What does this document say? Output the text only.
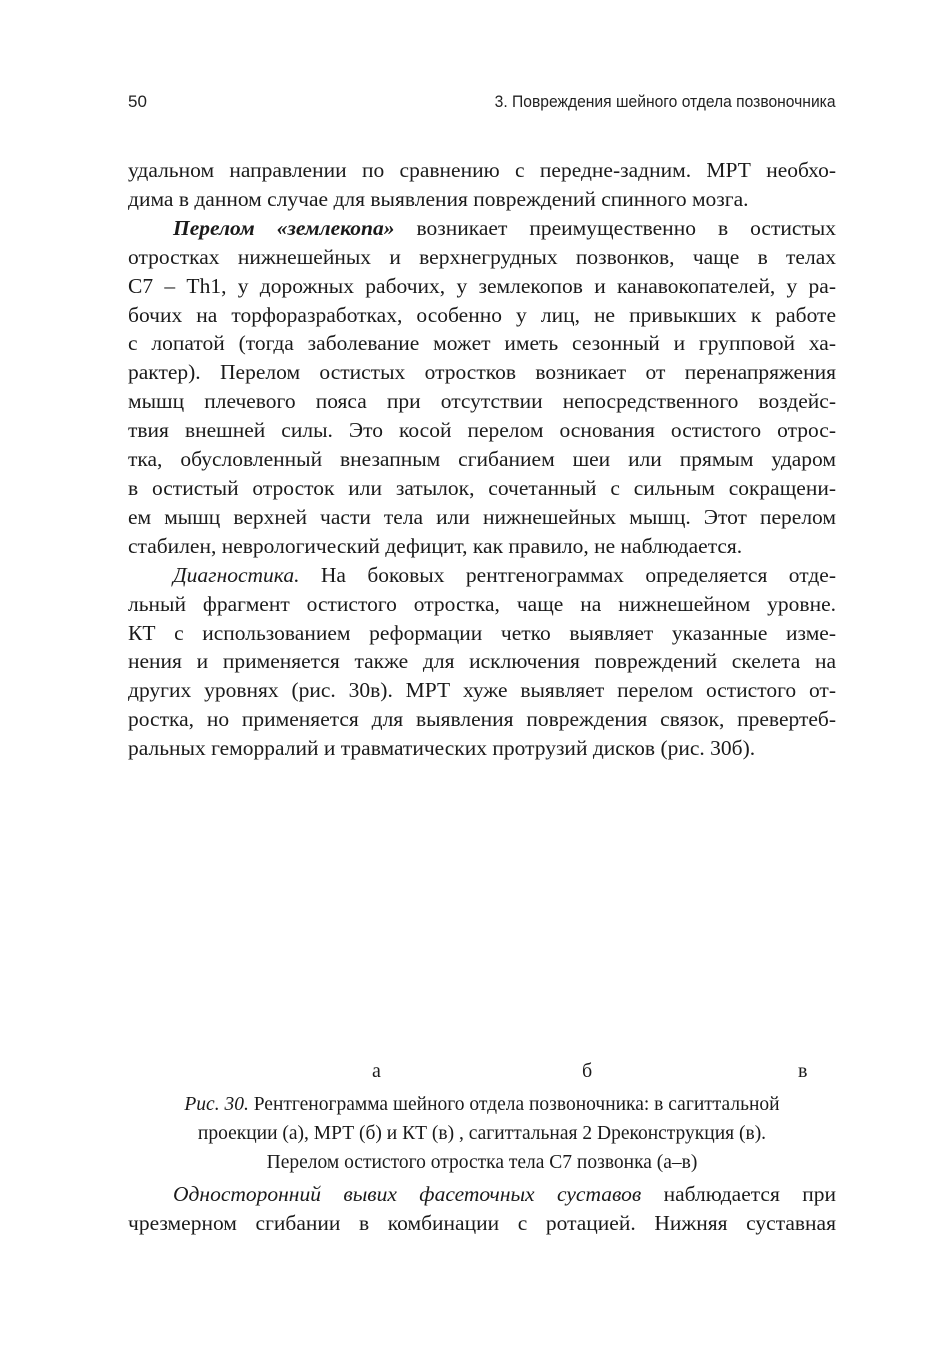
50	3. Повреждения шейного отдела позвоночника

удальном направлении по сравнению с передне-задним. МРТ необхо-
дима в данном случае для выявления повреждений спинного мозга.

Перелом «землекопа» возникает преимущественно в остистых
отростках нижнешейных и верхнегрудных позвонков, чаще в телах
С7 – Th1, у дорожных рабочих, у землекопов и канавокопателей, у ра-
бочих на торфоразработках, особенно у лиц, не привыкших к работе
с лопатой (тогда заболевание может иметь сезонный и групповой ха-
рактер). Перелом остистых отростков возникает от перенапряжения
мышц плечевого пояса при отсутствии непосредственного воздейс-
твия внешней силы. Это косой перелом основания остистого отрос-
тка, обусловленный внезапным сгибанием шеи или прямым ударом
в остистый отросток или затылок, сочетанный с сильным сокращени-
ем мышц верхней части тела или нижнешейных мышц. Этот перелом
стабилен, неврологический дефицит, как правило, не наблюдается.

Диагностика. На боковых рентгенограммах определяется отде-
льный фрагмент остистого отростка, чаще на нижнешейном уровне.
КТ с использованием реформации четко выявляет указанные изме-
нения и применяется также для исключения повреждений скелета на
других уровнях (рис. 30в). МРТ хуже выявляет перелом остистого от-
ростка, но применяется для выявления повреждения связок, превертеб-
ральных геморралий и травматических протрузий дисков (рис. 30б).

а	б	в
Рис. 30. Рентгенограмма шейного отдела позвоночника: в сагиттальной
проекции (а), МРТ (б) и КТ (в) , сагиттальная 2 Dреконструкция (в).
Перелом остистого отростка тела С7 позвонка (а–в)
Односторонний вывих фасеточных суставов наблюдается при
чрезмерном сгибании в комбинации с ротацией. Нижняя суставная
